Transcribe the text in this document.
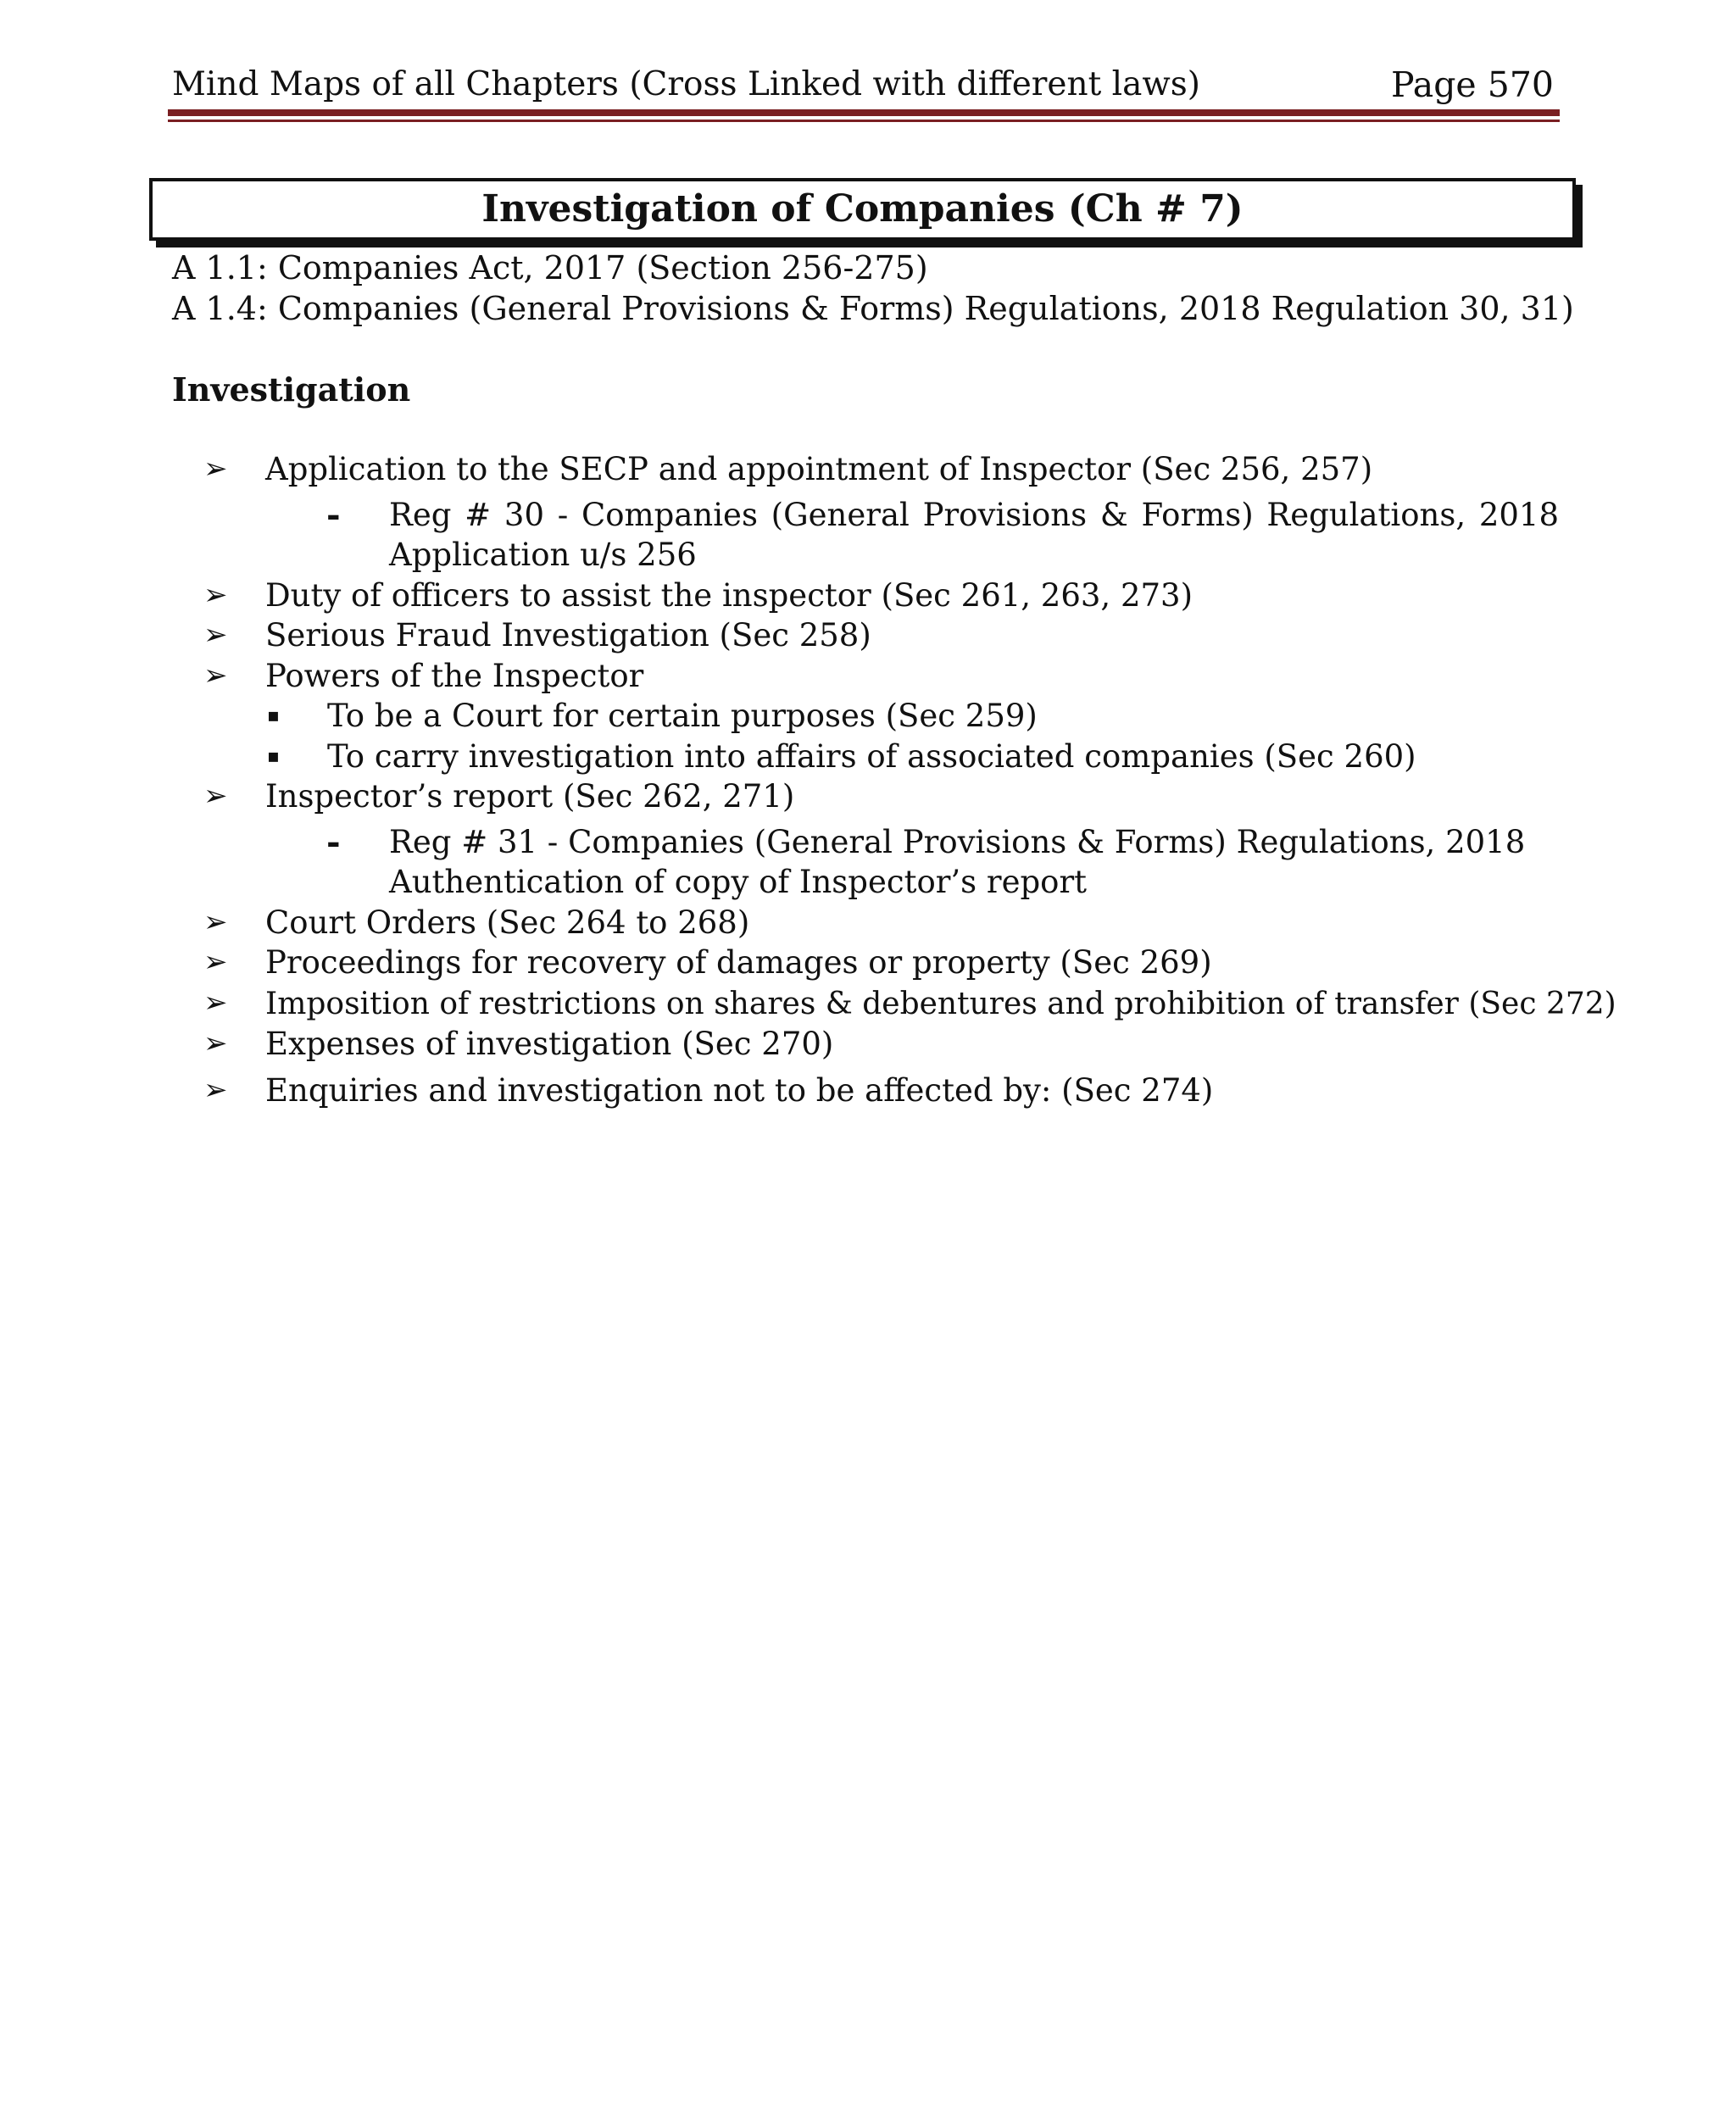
Mind Maps of all Chapters (Cross Linked with different laws)	Page 570
Investigation of Companies (Ch # 7)
A 1.1: Companies Act, 2017 (Section 256-275)
A 1.4: Companies (General Provisions & Forms) Regulations, 2018 Regulation 30, 31)
Investigation
➢ Application to the SECP and appointment of Inspector (Sec 256, 257)
- Reg # 30 - Companies (General Provisions & Forms) Regulations, 2018
Application u/s 256
➢ Duty of officers to assist the inspector (Sec 261, 263, 273)
➢ Serious Fraud Investigation (Sec 258)
➢ Powers of the Inspector
▪ To be a Court for certain purposes (Sec 259)
▪ To carry investigation into affairs of associated companies (Sec 260)
➢ Inspector’s report (Sec 262, 271)
- Reg # 31 - Companies (General Provisions & Forms) Regulations, 2018
Authentication of copy of Inspector’s report
➢ Court Orders (Sec 264 to 268)
➢ Proceedings for recovery of damages or property (Sec 269)
➢ Imposition of restrictions on shares & debentures and prohibition of transfer (Sec 272)
➢ Expenses of investigation (Sec 270)
➢ Enquiries and investigation not to be affected by: (Sec 274)
